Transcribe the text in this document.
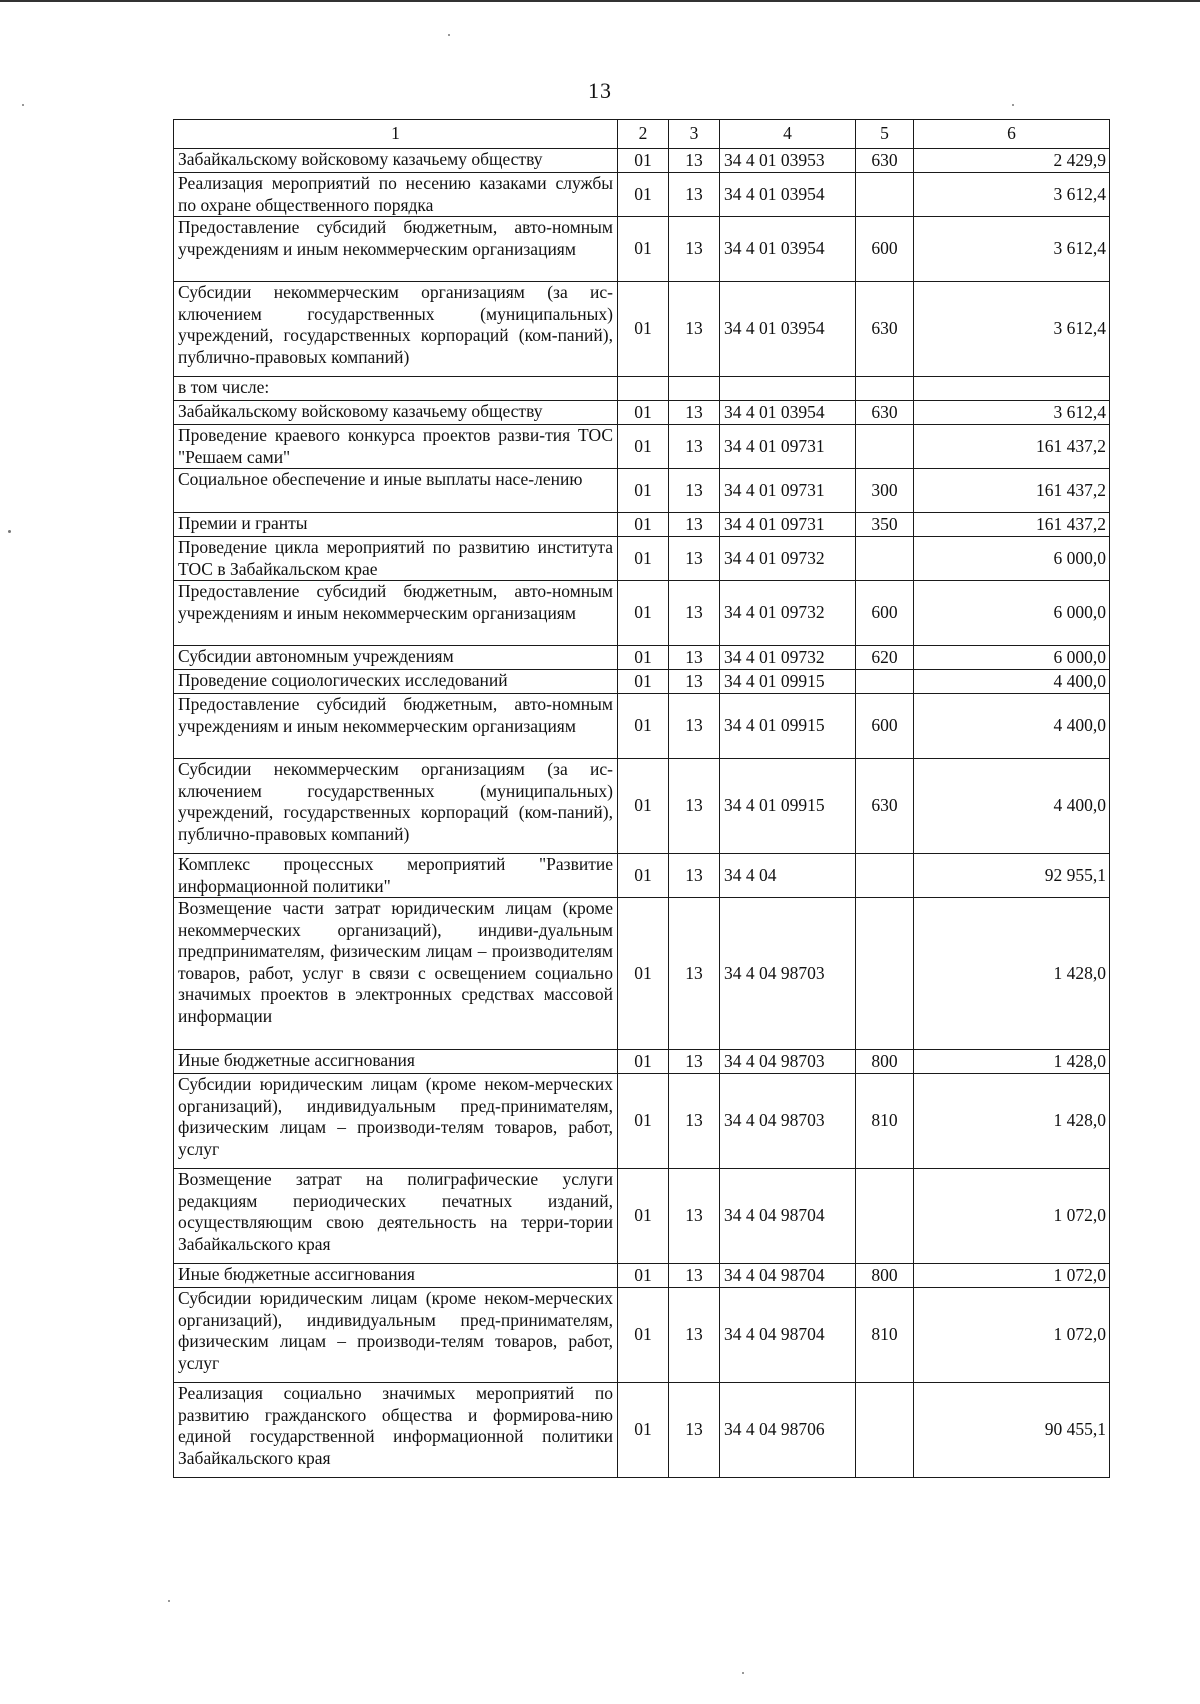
13
1	2	3	4	5	6
Забайкальскому войсковому казачьему обществу	01	13	34 4 01 03953	630	2 429,9
Реализация мероприятий по несению казаками службы по охране общественного порядка	01	13	34 4 01 03954		3 612,4
Предоставление субсидий бюджетным, авто-номным учреждениям и иным некоммерческим организациям	01	13	34 4 01 03954	600	3 612,4
Субсидии некоммерческим организациям (за ис-ключением государственных (муниципальных) учреждений, государственных корпораций (ком-паний), публично-правовых компаний)	01	13	34 4 01 03954	630	3 612,4
в том числе:					
Забайкальскому войсковому казачьему обществу	01	13	34 4 01 03954	630	3 612,4
Проведение краевого конкурса проектов разви-тия ТОС "Решаем сами"	01	13	34 4 01 09731		161 437,2
Социальное обеспечение и иные выплаты насе-лению	01	13	34 4 01 09731	300	161 437,2
Премии и гранты	01	13	34 4 01 09731	350	161 437,2
Проведение цикла мероприятий по развитию института ТОС в Забайкальском крае	01	13	34 4 01 09732		6 000,0
Предоставление субсидий бюджетным, авто-номным учреждениям и иным некоммерческим организациям	01	13	34 4 01 09732	600	6 000,0
Субсидии автономным учреждениям	01	13	34 4 01 09732	620	6 000,0
Проведение социологических исследований	01	13	34 4 01 09915		4 400,0
Предоставление субсидий бюджетным, авто-номным учреждениям и иным некоммерческим организациям	01	13	34 4 01 09915	600	4 400,0
Субсидии некоммерческим организациям (за ис-ключением государственных (муниципальных) учреждений, государственных корпораций (ком-паний), публично-правовых компаний)	01	13	34 4 01 09915	630	4 400,0
Комплекс процессных мероприятий "Развитие информационной политики"	01	13	34 4 04		92 955,1
Возмещение части затрат юридическим лицам (кроме некоммерческих организаций), индиви-дуальным предпринимателям, физическим лицам – производителям товаров, работ, услуг в связи с освещением социально значимых проектов в электронных средствах массовой информации	01	13	34 4 04 98703		1 428,0
Иные бюджетные ассигнования	01	13	34 4 04 98703	800	1 428,0
Субсидии юридическим лицам (кроме неком-мерческих организаций), индивидуальным пред-принимателям, физическим лицам – производи-телям товаров, работ, услуг	01	13	34 4 04 98703	810	1 428,0
Возмещение затрат на полиграфические услуги редакциям периодических печатных изданий, осуществляющим свою деятельность на терри-тории Забайкальского края	01	13	34 4 04 98704		1 072,0
Иные бюджетные ассигнования	01	13	34 4 04 98704	800	1 072,0
Субсидии юридическим лицам (кроме неком-мерческих организаций), индивидуальным пред-принимателям, физическим лицам – производи-телям товаров, работ, услуг	01	13	34 4 04 98704	810	1 072,0
Реализация социально значимых мероприятий по развитию гражданского общества и формирова-нию единой государственной информационной политики Забайкальского края	01	13	34 4 04 98706		90 455,1
